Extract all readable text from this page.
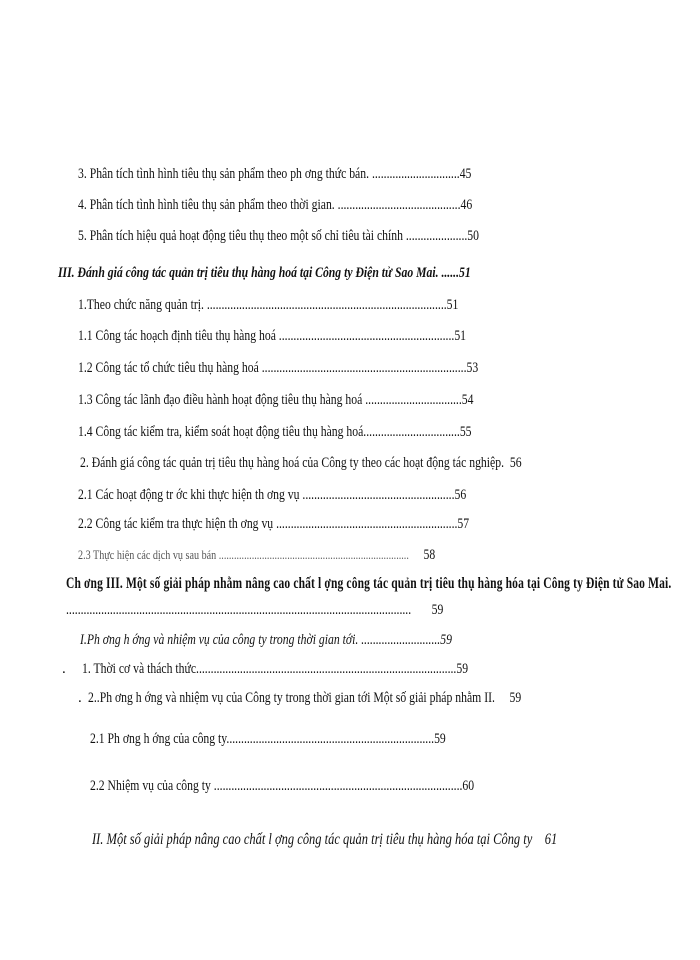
3. Phân tích tình hình tiêu thụ sản phẩm theo ph ơng thức bán. ..............................45
4. Phân tích tình hình tiêu thụ sản phẩm theo thời gian. ..........................................46
5. Phân tích hiệu quả hoạt động tiêu thụ theo một số chỉ tiêu tài chính .....................50
III. Đánh giá công tác quản trị tiêu thụ hàng hoá tại Công ty Điện tử Sao Mai. ......51
1.Theo chức năng quản trị. ..................................................................................51
1.1 Công tác hoạch định tiêu thụ hàng hoá ............................................................51
1.2 Công tác tổ chức tiêu thụ hàng hoá ......................................................................53
1.3 Công tác lãnh đạo điều hành hoạt động tiêu thụ hàng hoá .................................54
1.4 Công tác kiểm tra, kiểm soát hoạt động tiêu thụ hàng hoá.................................55
2. Đánh giá công tác quản trị tiêu thụ hàng hoá của Công ty theo các hoạt động tác nghiệp. 56
2.1 Các hoạt động tr ớc khi thực hiện th ơng vụ ....................................................56
2.2 Công tác kiểm tra thực hiện th ơng vụ ..............................................................57
2.3 Thực hiện các dịch vụ sau bán ........................................................................... 58
Ch ơng III. Một số giải pháp nhằm nâng cao chất l ợng công tác quản trị tiêu thụ hàng hóa tại Công ty Điện tử Sao Mai.
...................................................................................................................... 59
I.Ph ơng h ớng và nhiệm vụ của công ty trong thời gian tới. ...........................59
. 1. Thời cơ và thách thức.........................................................................................59
. 2..Ph ơng h ớng và nhiệm vụ của Công ty trong thời gian tới Một số giải pháp nhằm II. 59
2.1 Ph ơng h ớng của công ty.......................................................................59
2.2 Nhiệm vụ của công ty .....................................................................................60
II. Một số giải pháp nâng cao chất l ợng công tác quản trị tiêu thụ hàng hóa tại Công ty 61
